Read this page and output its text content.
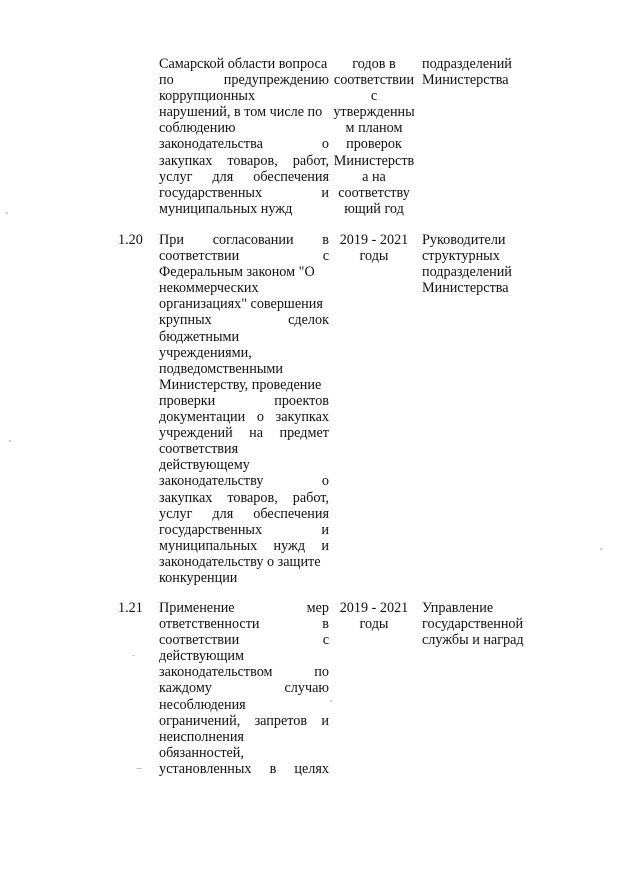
Самарской области вопроса
по предупреждению
коррупционных
нарушений, в том числе по
соблюдению
законодательства о
закупках товаров, работ,
услуг для обеспечения
государственных и
муниципальных нужд
годов в
соответствии
с
утвержденны
м планом
проверок
Министерств
а на
соответству
ющий год
подразделений
Министерства
1.20	При согласовании в
соответствии с
Федеральным законом "О
некоммерческих
организациях" совершения
крупных сделок
бюджетными
учреждениями,
подведомственными
Министерству, проведение
проверки проектов
документации о закупках
учреждений на предмет
соответствия
действующему
законодательству о
закупках товаров, работ,
услуг для обеспечения
государственных и
муниципальных нужд и
законодательству о защите
конкуренции
2019 - 2021
годы
Руководители
структурных
подразделений
Министерства
1.21	Применение мер
ответственности в
соответствии с
действующим
законодательством по
каждому случаю
несоблюдения
ограничений, запретов и
неисполнения
обязанностей,
установленных в целях
2019 - 2021
годы
Управление
государственной
службы и наград
